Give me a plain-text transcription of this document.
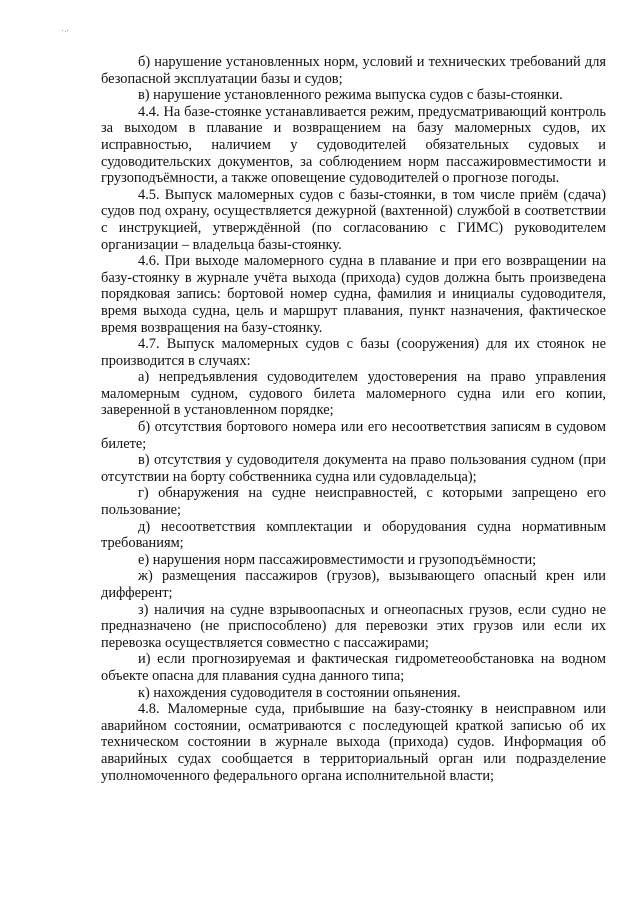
б) нарушение установленных норм, условий и технических требований для безопасной эксплуатации базы и судов;

в) нарушение установленного режима выпуска судов с базы-стоянки.

4.4. На базе-стоянке устанавливается режим, предусматривающий контроль за выходом в плавание и возвращением на базу маломерных судов, их исправностью, наличием у судоводителей обязательных судовых и судоводительских документов, за соблюдением норм пассажировместимости и грузоподъёмности, а также оповещение судоводителей о прогнозе погоды.

4.5. Выпуск маломерных судов с базы-стоянки, в том числе приём (сдача) судов под охрану, осуществляется дежурной (вахтенной) службой в соответствии с инструкцией, утверждённой (по согласованию с ГИМС) руководителем организации – владельца базы-стоянку.

4.6. При выходе маломерного судна в плавание и при его возвращении на базу-стоянку в журнале учёта выхода (прихода) судов должна быть произведена порядковая запись: бортовой номер судна, фамилия и инициалы судоводителя, время выхода судна, цель и маршрут плавания, пункт назначения, фактическое время возвращения на базу-стоянку.

4.7. Выпуск маломерных судов с базы (сооружения) для их стоянок не производится в случаях:

а) непредъявления судоводителем удостоверения на право управления маломерным судном, судового билета маломерного судна или его копии, заверенной в установленном порядке;

б) отсутствия бортового номера или его несоответствия записям в судовом билете;

в) отсутствия у судоводителя документа на право пользования судном (при отсутствии на борту собственника судна или судовладельца);

г) обнаружения на судне неисправностей, с которыми запрещено его пользование;

д) несоответствия комплектации и оборудования судна нормативным требованиям;

е) нарушения норм пассажировместимости и грузоподъёмности;

ж) размещения пассажиров (грузов), вызывающего опасный крен или дифферент;

з) наличия на судне взрывоопасных и огнеопасных грузов, если судно не предназначено (не приспособлено) для перевозки этих грузов или если их перевозка осуществляется совместно с пассажирами;

и) если прогнозируемая и фактическая гидрометеообстановка на водном объекте опасна для плавания судна данного типа;

к) нахождения судоводителя в состоянии опьянения.

4.8. Маломерные суда, прибывшие на базу-стоянку в неисправном или аварийном состоянии, осматриваются с последующей краткой записью об их техническом состоянии в журнале выхода (прихода) судов. Информация об аварийных судах сообщается в территориальный орган или подразделение уполномоченного федерального органа исполнительной власти;
